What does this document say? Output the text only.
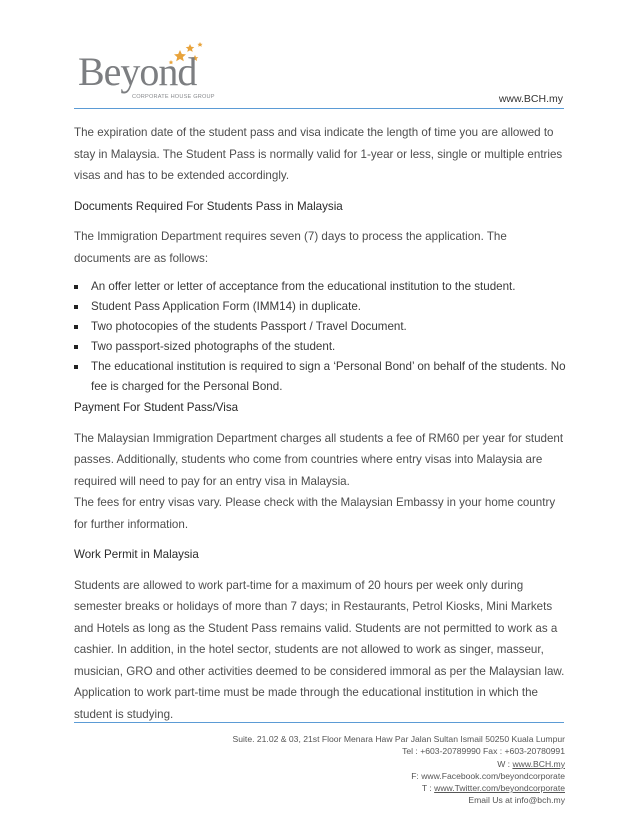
Beyond
CORPORATE HOUSE GROUP	www.BCH.my

The expiration date of the student pass and visa indicate the length of time you are allowed to stay in Malaysia. The Student Pass is normally valid for 1-year or less, single or multiple entries visas and has to be extended accordingly.

Documents Required For Students Pass in Malaysia

The Immigration Department requires seven (7) days to process the application. The documents are as follows:

An offer letter or letter of acceptance from the educational institution to the student.
Student Pass Application Form (IMM14) in duplicate.
Two photocopies of the students Passport / Travel Document.
Two passport-sized photographs of the student.
The educational institution is required to sign a ‘Personal Bond’ on behalf of the students. No fee is charged for the Personal Bond.

Payment For Student Pass/Visa

The Malaysian Immigration Department charges all students a fee of RM60 per year for student passes. Additionally, students who come from countries where entry visas into Malaysia are required will need to pay for an entry visa in Malaysia.

The fees for entry visas vary. Please check with the Malaysian Embassy in your home country for further information.

Work Permit in Malaysia

Students are allowed to work part-time for a maximum of 20 hours per week only during semester breaks or holidays of more than 7 days; in Restaurants, Petrol Kiosks, Mini Markets and Hotels as long as the Student Pass remains valid. Students are not permitted to work as a cashier. In addition, in the hotel sector, students are not allowed to work as singer, masseur, musician, GRO and other activities deemed to be considered immoral as per the Malaysian law. Application to work part-time must be made through the educational institution in which the student is studying.

Suite. 21.02 & 03, 21st Floor Menara Haw Par Jalan Sultan Ismail 50250 Kuala Lumpur
Tel : +603-20789990 Fax : +603-20780991
W : www.BCH.my
F: www.Facebook.com/beyondcorporate
T : www.Twitter.com/beyondcorporate
Email Us at info@bch.my
